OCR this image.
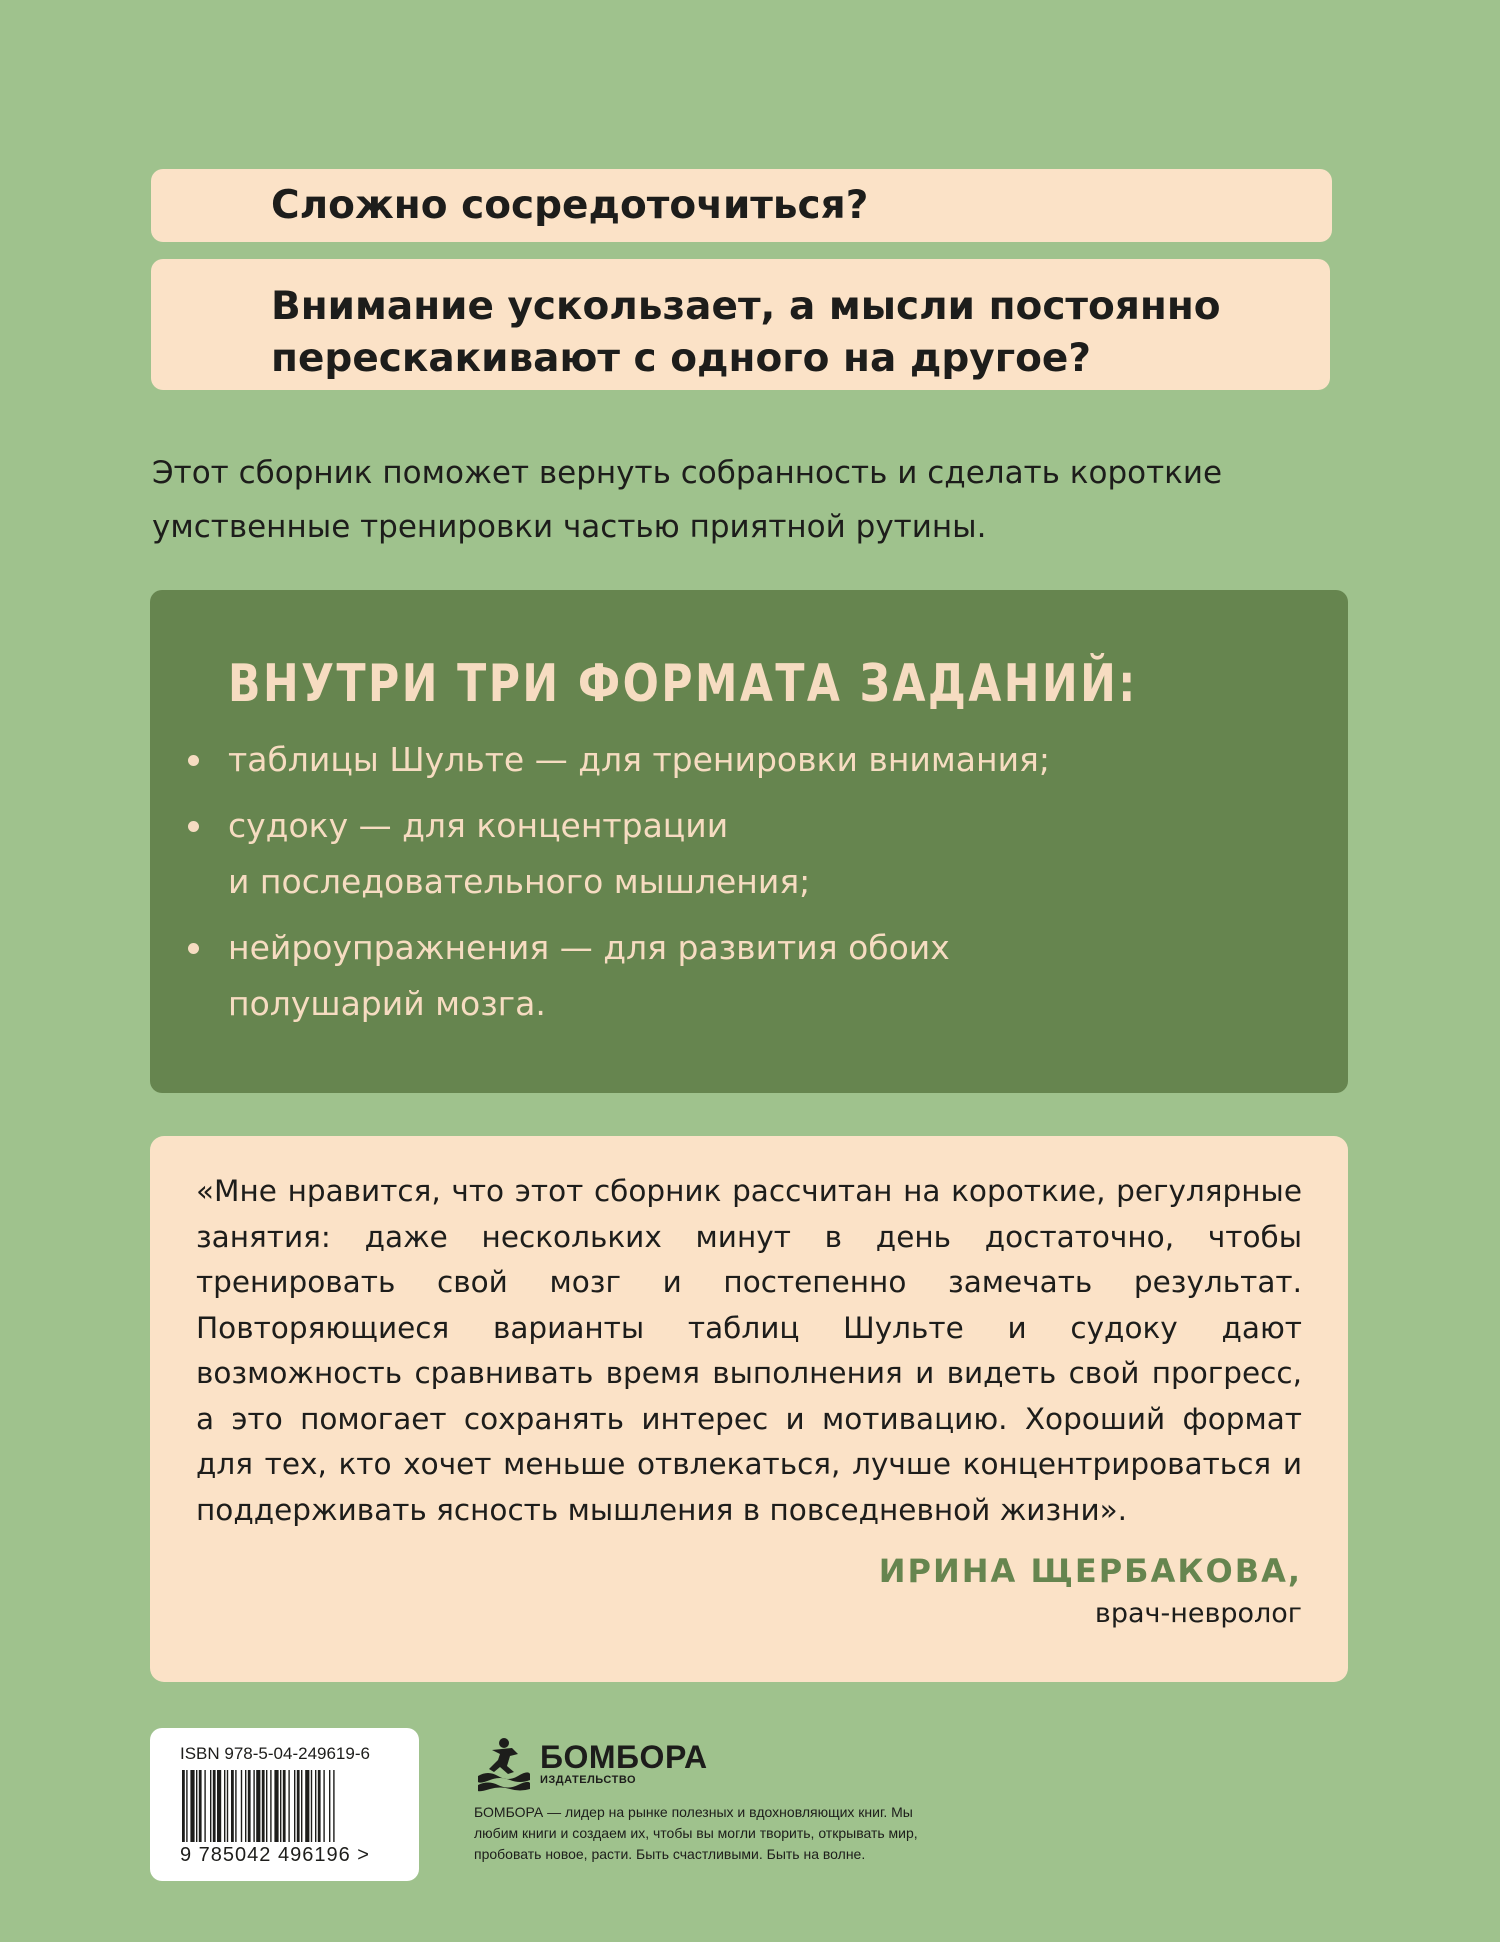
Сложно сосредоточиться?
Внимание ускользает, а мысли постоянно
перескакивают с одного на другое?
Этот сборник поможет вернуть собранность и сделать короткие
умственные тренировки частью приятной рутины.
ВНУТРИ ТРИ ФОРМАТА ЗАДАНИЙ:
таблицы Шульте — для тренировки внимания;
судоку — для концентрации
и последовательного мышления;
нейроупражнения — для развития обоих
полушарий мозга.
«Мне нравится, что этот сборник рассчитан на короткие, регулярные занятия: даже нескольких минут в день достаточно, чтобы тренировать свой мозг и постепенно замечать результат. Повторяющиеся варианты таблиц Шульте и судоку дают возможность сравнивать время выполнения и видеть свой прогресс, а это помогает сохранять интерес и мотивацию. Хороший формат для тех, кто хочет меньше отвлекаться, лучше концентрироваться и поддерживать ясность мышления в повседневной жизни».
ИРИНА ЩЕРБАКОВА,
врач-невролог
ISBN 978-5-04-249619-6
9 785042 496196 >
БОМБОРА
ИЗДАТЕЛЬСТВО
БОМБОРА — лидер на рынке полезных и вдохновляющих книг. Мы любим книги и создаем их, чтобы вы могли творить, открывать мир, пробовать новое, расти. Быть счастливыми. Быть на волне.
